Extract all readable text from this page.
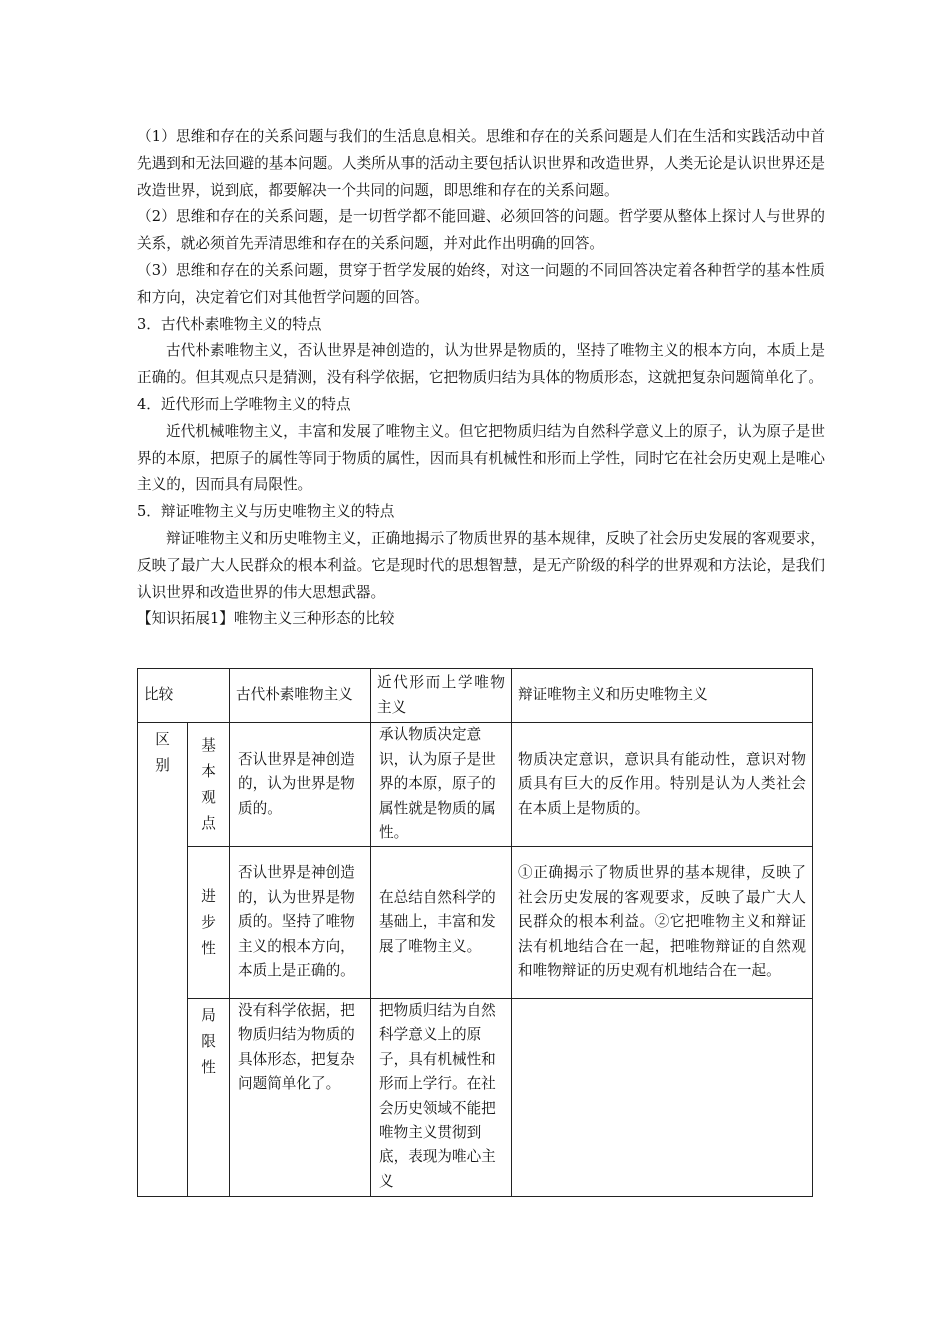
（1）思维和存在的关系问题与我们的生活息息相关。思维和存在的关系问题是人们在生活和实践活动中首先遇到和无法回避的基本问题。人类所从事的活动主要包括认识世界和改造世界，人类无论是认识世界还是改造世界，说到底，都要解决一个共同的问题，即思维和存在的关系问题。

（2）思维和存在的关系问题，是一切哲学都不能回避、必须回答的问题。哲学要从整体上探讨人与世界的关系，就必须首先弄清思维和存在的关系问题，并对此作出明确的回答。

（3）思维和存在的关系问题，贯穿于哲学发展的始终，对这一问题的不同回答决定着各种哲学的基本性质和方向，决定着它们对其他哲学问题的回答。

3．古代朴素唯物主义的特点

古代朴素唯物主义，否认世界是神创造的，认为世界是物质的，坚持了唯物主义的根本方向，本质上是正确的。但其观点只是猜测，没有科学依据，它把物质归结为具体的物质形态，这就把复杂问题简单化了。

4．近代形而上学唯物主义的特点

近代机械唯物主义，丰富和发展了唯物主义。但它把物质归结为自然科学意义上的原子，认为原子是世界的本原，把原子的属性等同于物质的属性，因而具有机械性和形而上学性，同时它在社会历史观上是唯心主义的，因而具有局限性。

5．辩证唯物主义与历史唯物主义的特点

辩证唯物主义和历史唯物主义，正确地揭示了物质世界的基本规律，反映了社会历史发展的客观要求，反映了最广大人民群众的根本利益。它是现时代的思想智慧，是无产阶级的科学的世界观和方法论，是我们认识世界和改造世界的伟大思想武器。

【知识拓展1】唯物主义三种形态的比较

比较		古代朴素唯物主义	近代形而上学唯物主义	辩证唯物主义和历史唯物主义

区别	基本观点	否认世界是神创造的，认为世界是物质的。	承认物质决定意识，认为原子是世界的本原，原子的属性就是物质的属性。	物质决定意识，意识具有能动性，意识对物质具有巨大的反作用。特别是认为人类社会在本质上是物质的。

	进步性	否认世界是神创造的，认为世界是物质的。坚持了唯物主义的根本方向，本质上是正确的。	在总结自然科学的基础上，丰富和发展了唯物主义。	①正确揭示了物质世界的基本规律，反映了社会历史发展的客观要求，反映了最广大人民群众的根本利益。②它把唯物主义和辩证法有机地结合在一起，把唯物辩证的自然观和唯物辩证的历史观有机地结合在一起。

	局限性	没有科学依据，把物质归结为物质的具体形态，把复杂问题简单化了。	把物质归结为自然科学意义上的原子，具有机械性和形而上学行。在社会历史领域不能把唯物主义贯彻到底，表现为唯心主义	
